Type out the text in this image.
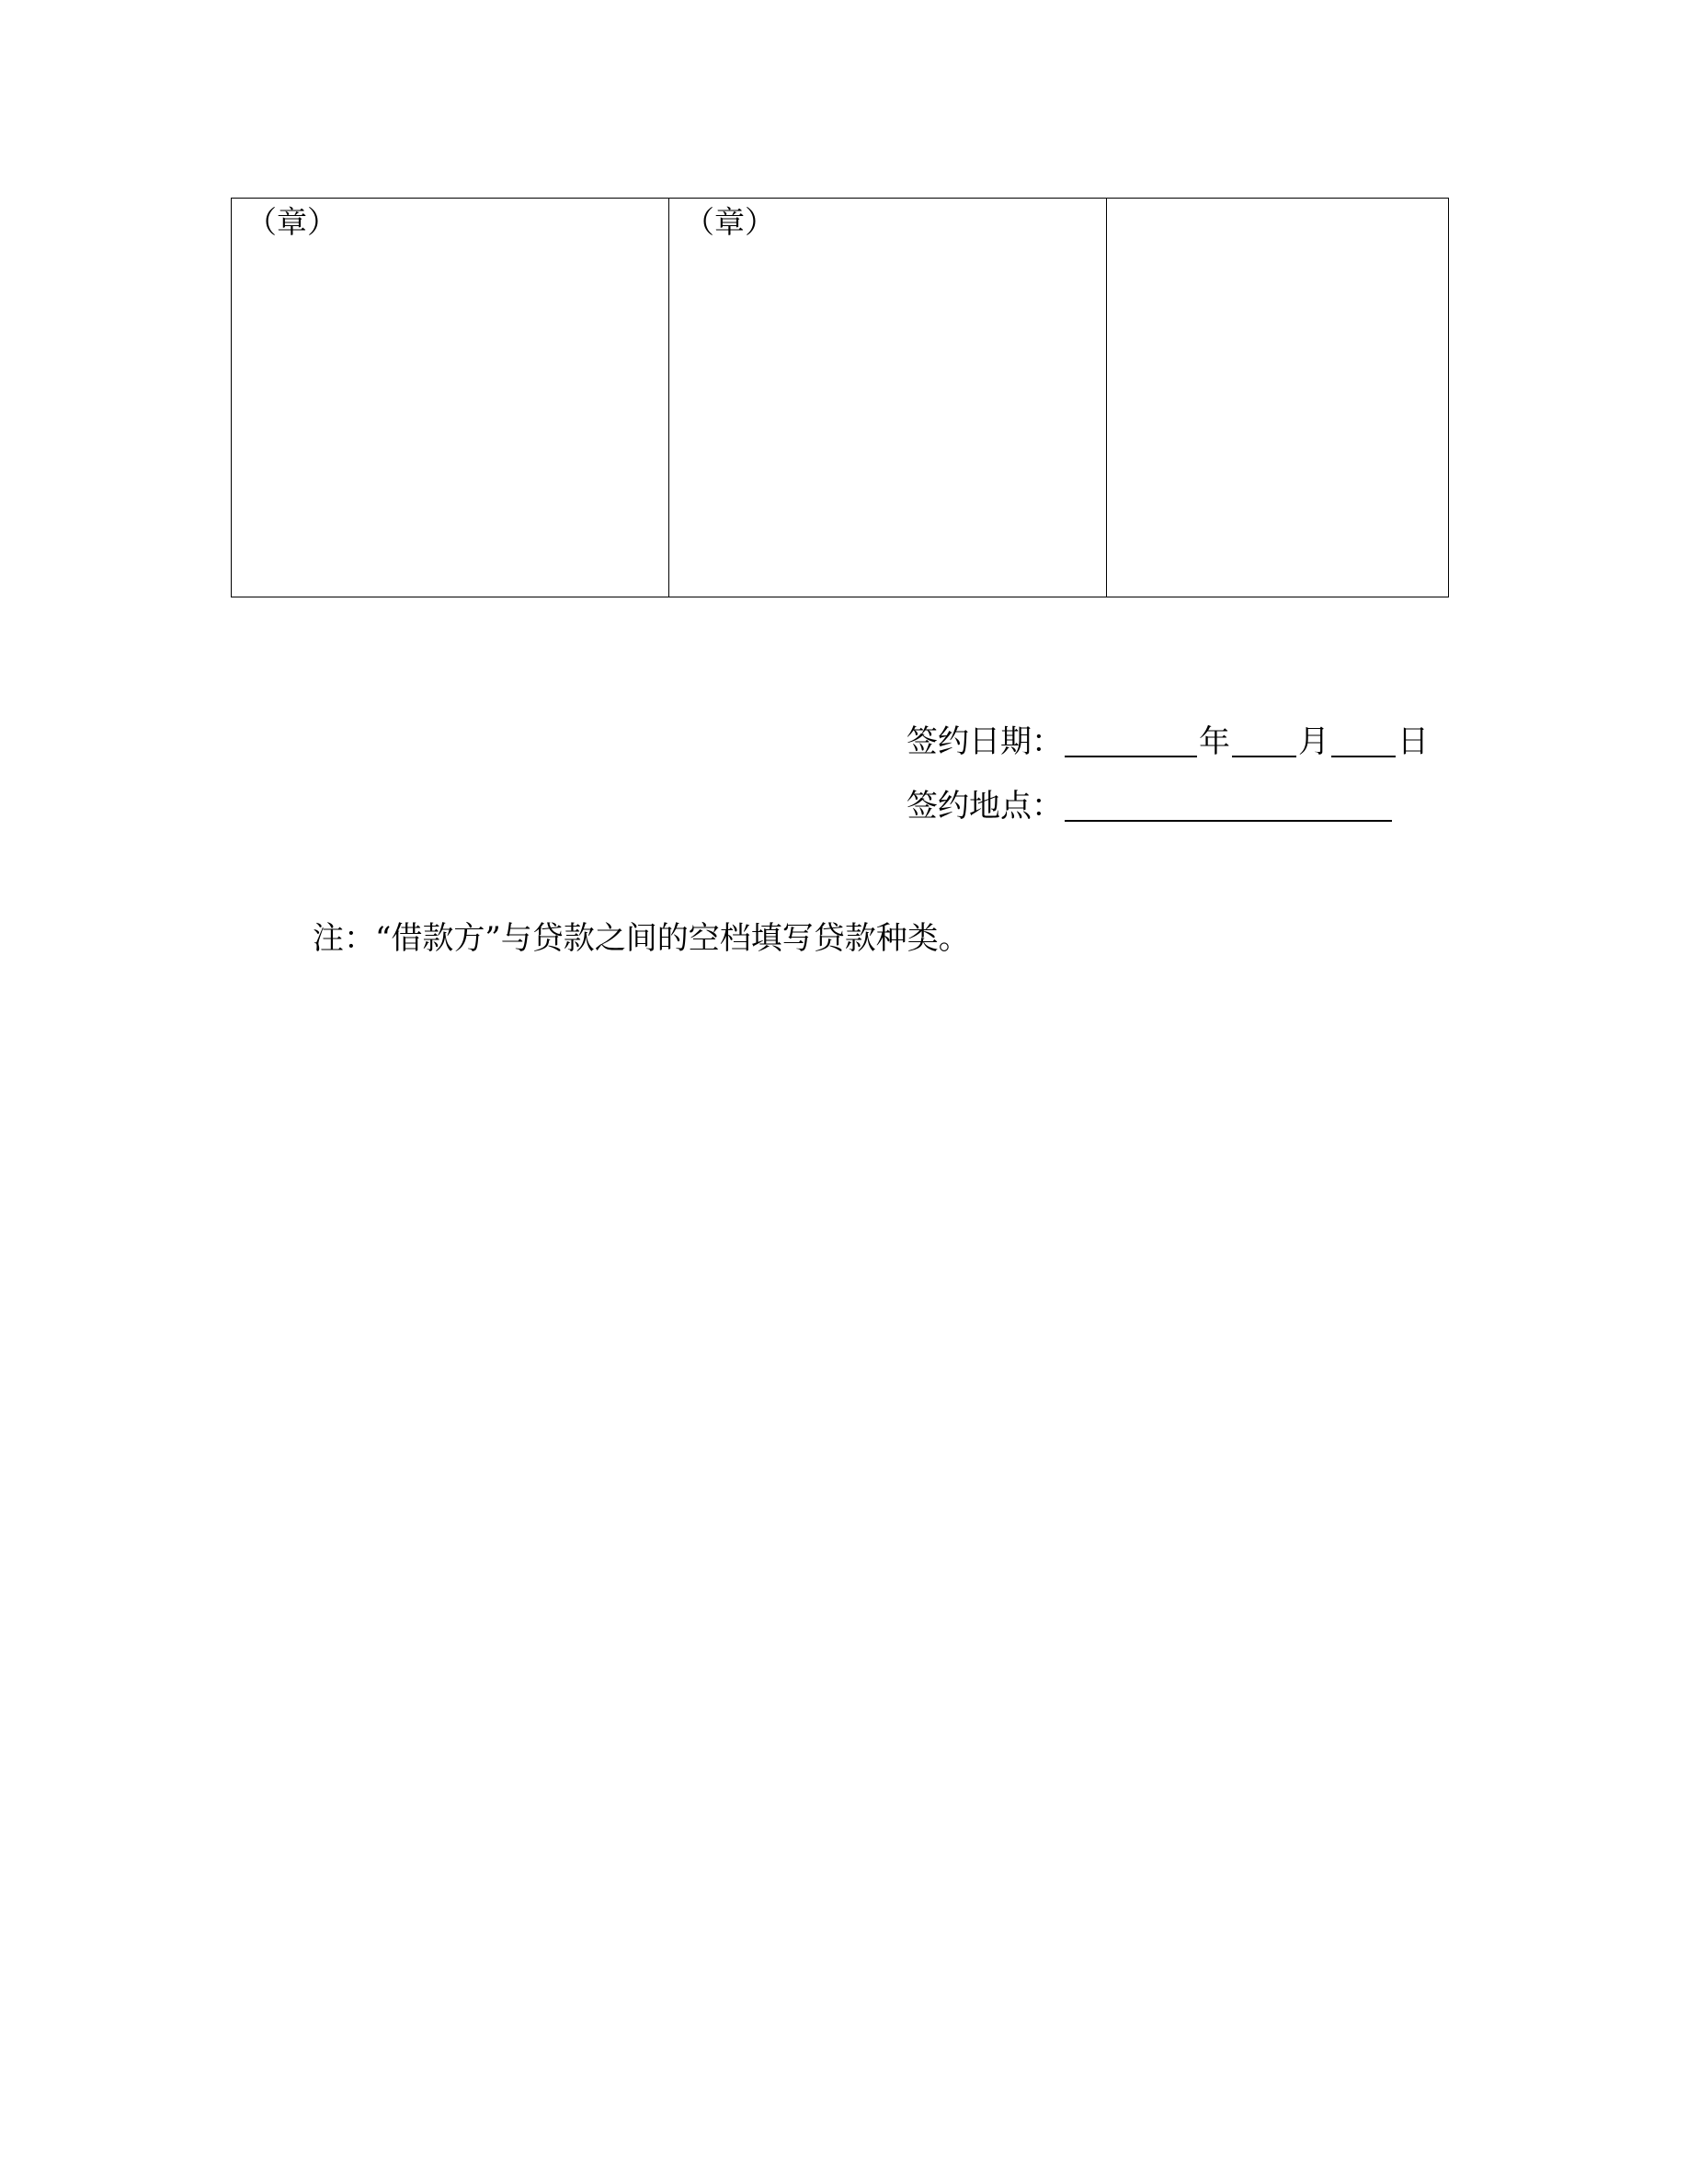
（章）	（章）

签约日期：	年 月 日
签约地点：
注：“借款方”与贷款之间的空档填写贷款种类。
